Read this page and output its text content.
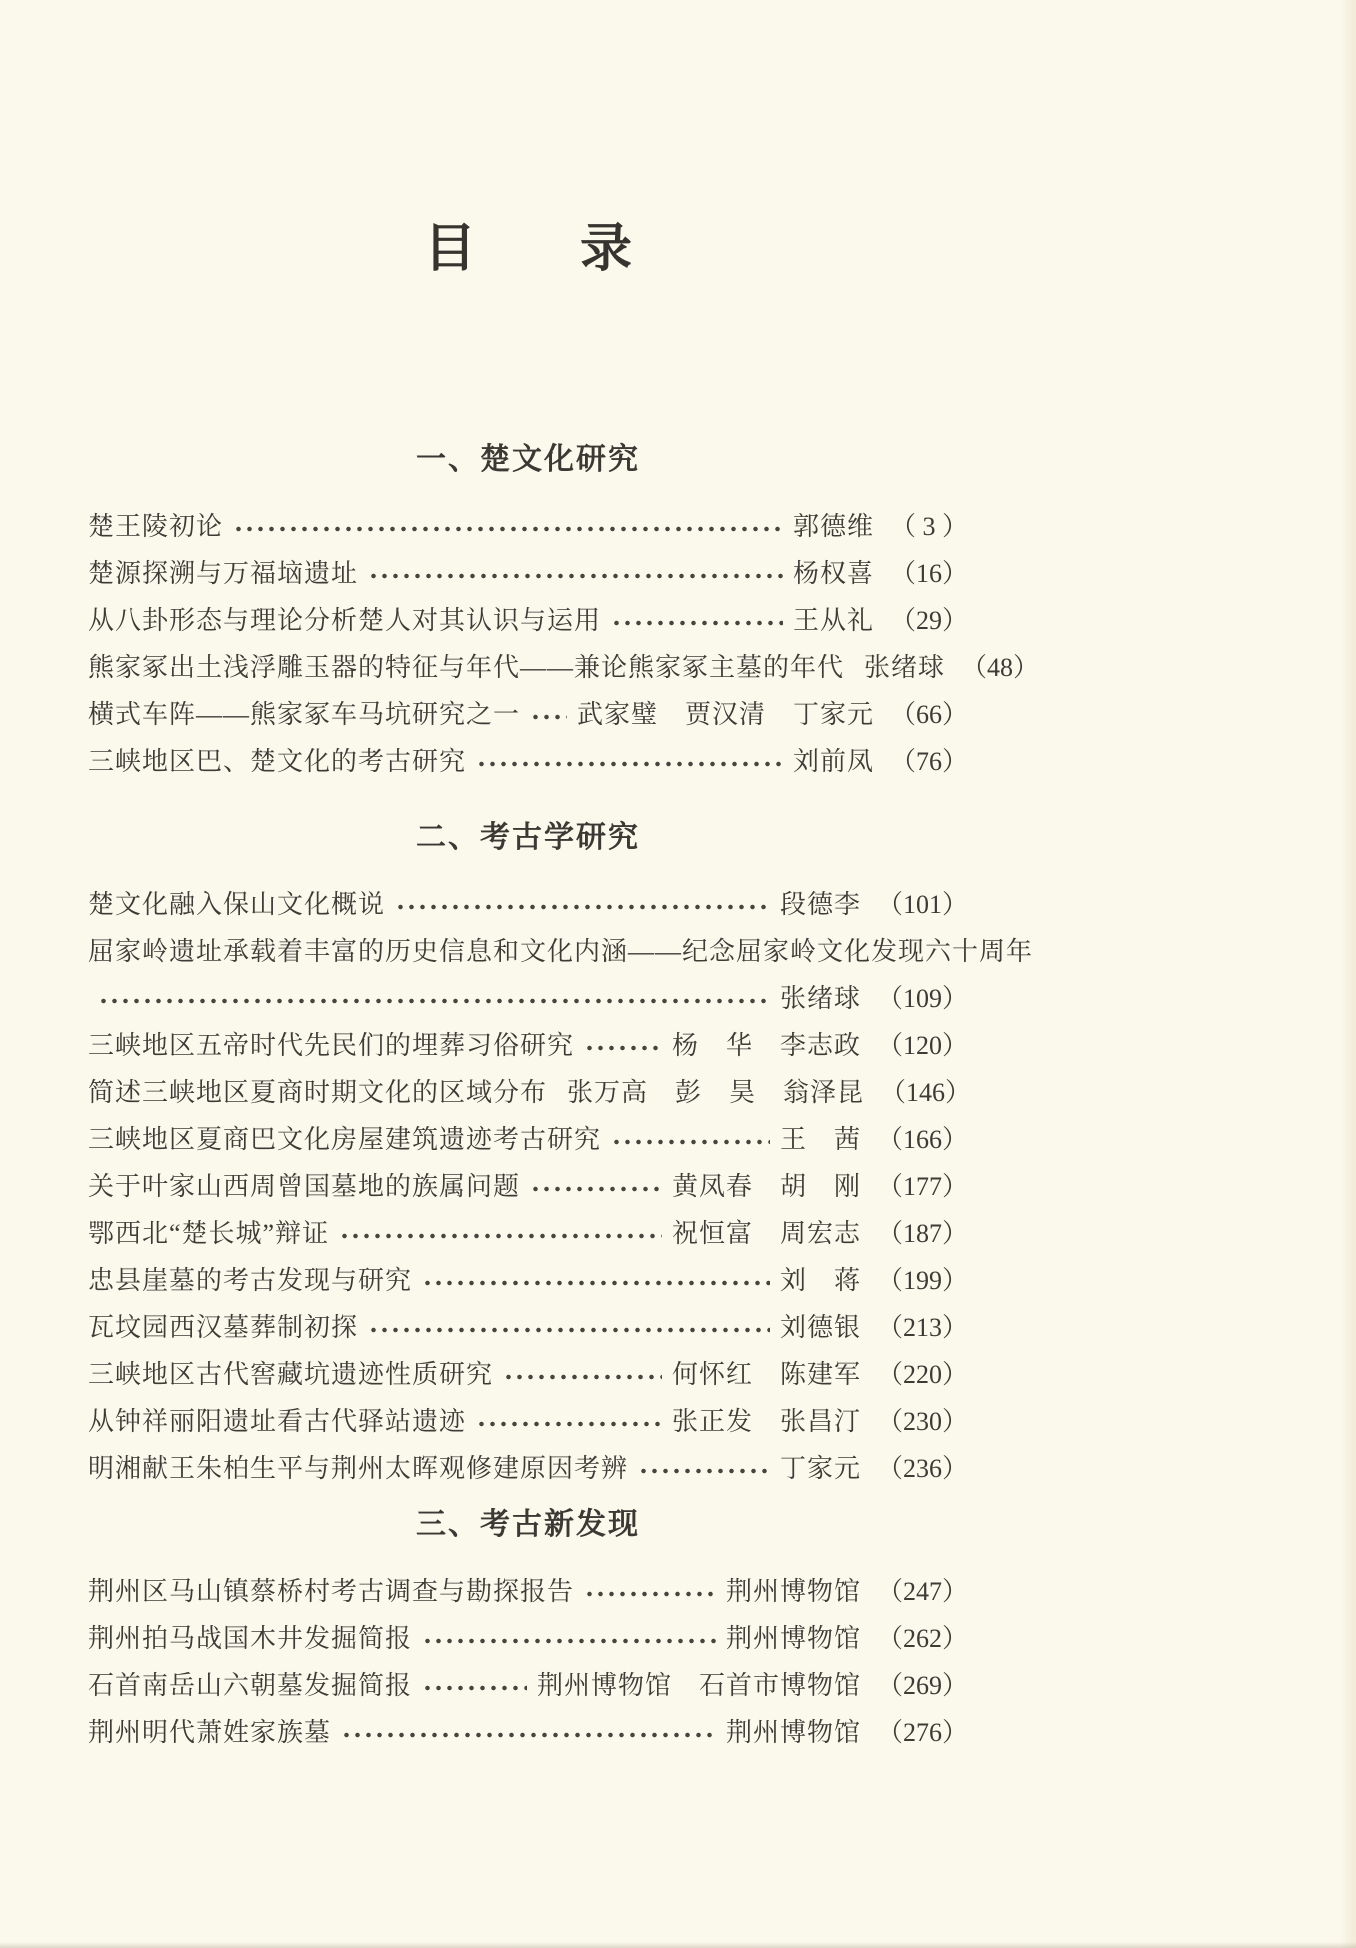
目　　录
一、楚文化研究
楚王陵初论	郭德维 （ 3 ）
楚源探溯与万福垴遗址	杨权喜 （16）
从八卦形态与理论分析楚人对其认识与运用	王从礼 （29）
熊家冢出土浅浮雕玉器的特征与年代——兼论熊家冢主墓的年代 张绪球 （48）
横式车阵——熊家冢车马坑研究之一 武家璧　贾汉清　丁家元 （66）
三峡地区巴、楚文化的考古研究	刘前凤 （76）
二、考古学研究
楚文化融入保山文化概说	段德李 （101）
屈家岭遗址承载着丰富的历史信息和文化内涵——纪念屈家岭文化发现六十周年
张绪球 （109）
三峡地区五帝时代先民们的埋葬习俗研究	杨　华　李志政 （120）
简述三峡地区夏商时期文化的区域分布 张万高　彭　昊　翁泽昆 （146）
三峡地区夏商巴文化房屋建筑遗迹考古研究	王　茜 （166）
关于叶家山西周曾国墓地的族属问题	黄凤春　胡　刚 （177）
鄂西北“楚长城”辩证	祝恒富　周宏志 （187）
忠县崖墓的考古发现与研究	刘　蒋 （199）
瓦坟园西汉墓葬制初探	刘德银 （213）
三峡地区古代窖藏坑遗迹性质研究	何怀红　陈建军 （220）
从钟祥丽阳遗址看古代驿站遗迹	张正发　张昌汀 （230）
明湘献王朱柏生平与荆州太晖观修建原因考辨	丁家元 （236）
三、考古新发现
荆州区马山镇蔡桥村考古调查与勘探报告	荆州博物馆 （247）
荆州拍马战国木井发掘简报	荆州博物馆 （262）
石首南岳山六朝墓发掘简报	荆州博物馆　石首市博物馆 （269）
荆州明代萧姓家族墓	荆州博物馆 （276）
